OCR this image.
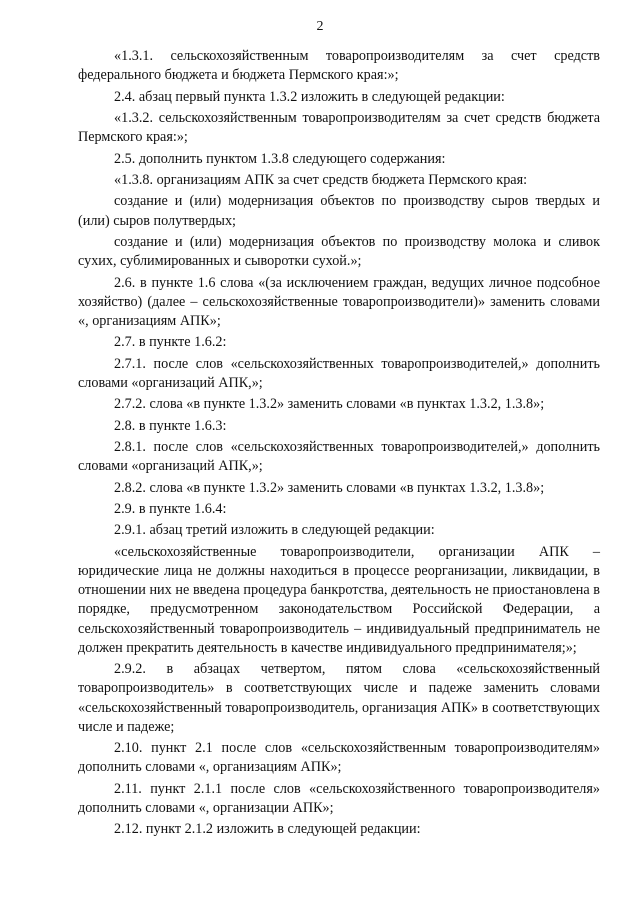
2

«1.3.1. сельскохозяйственным товаропроизводителям за счет средств федерального бюджета и бюджета Пермского края:»;

2.4. абзац первый пункта 1.3.2 изложить в следующей редакции:

«1.3.2. сельскохозяйственным товаропроизводителям за счет средств бюджета Пермского края:»;

2.5. дополнить пунктом 1.3.8 следующего содержания:

«1.3.8. организациям АПК за счет средств бюджета Пермского края:

создание и (или) модернизация объектов по производству сыров твердых и (или) сыров полутвердых;

создание и (или) модернизация объектов по производству молока и сливок сухих, сублимированных и сыворотки сухой.»;

2.6. в пункте 1.6 слова «(за исключением граждан, ведущих личное подсобное хозяйство) (далее – сельскохозяйственные товаропроизводители)» заменить словами «, организациям АПК»;

2.7. в пункте 1.6.2:

2.7.1. после слов «сельскохозяйственных товаропроизводителей,» дополнить словами «организаций АПК,»;

2.7.2. слова «в пункте 1.3.2» заменить словами «в пунктах 1.3.2, 1.3.8»;

2.8. в пункте 1.6.3:

2.8.1. после слов «сельскохозяйственных товаропроизводителей,» дополнить словами «организаций АПК,»;

2.8.2. слова «в пункте 1.3.2» заменить словами «в пунктах 1.3.2, 1.3.8»;

2.9. в пункте 1.6.4:

2.9.1. абзац третий изложить в следующей редакции:

«сельскохозяйственные товаропроизводители, организации АПК – юридические лица не должны находиться в процессе реорганизации, ликвидации, в отношении них не введена процедура банкротства, деятельность не приостановлена в порядке, предусмотренном законодательством Российской Федерации, а сельскохозяйственный товаропроизводитель – индивидуальный предприниматель не должен прекратить деятельность в качестве индивидуального предпринимателя;»;

2.9.2. в абзацах четвертом, пятом слова «сельскохозяйственный товаропроизводитель» в соответствующих числе и падеже заменить словами «сельскохозяйственный товаропроизводитель, организация АПК» в соответствующих числе и падеже;

2.10. пункт 2.1 после слов «сельскохозяйственным товаропроизводителям» дополнить словами «, организациям АПК»;

2.11. пункт 2.1.1 после слов «сельскохозяйственного товаропроизводителя» дополнить словами «, организации АПК»;

2.12. пункт 2.1.2 изложить в следующей редакции:
